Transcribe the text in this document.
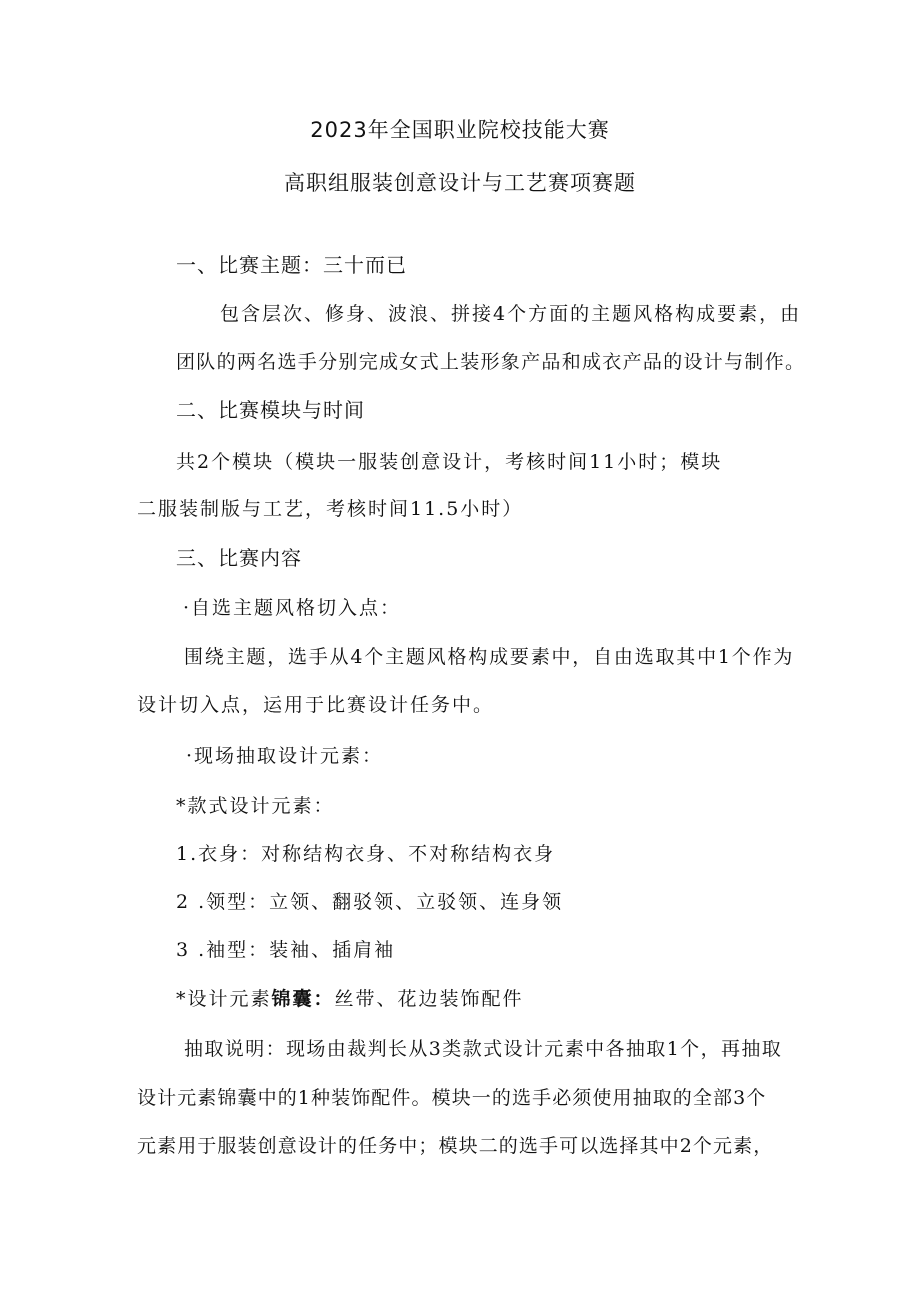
2023年全国职业院校技能大赛
高职组服装创意设计与工艺赛项赛题
一、比赛主题：三十而已
包含层次、修身、波浪、拼接4个方面的主题风格构成要素，由
团队的两名选手分别完成女式上装形象产品和成衣产品的设计与制作。
二、比赛模块与时间
共2个模块（模块一服装创意设计，考核时间11小时；模块
二服装制版与工艺，考核时间11.5小时）
三、比赛内容
·自选主题风格切入点：
围绕主题，选手从4个主题风格构成要素中，自由选取其中1个作为
设计切入点，运用于比赛设计任务中。
·现场抽取设计元素：
*款式设计元素：
1.衣身：对称结构衣身、不对称结构衣身
2 .领型：立领、翻驳领、立驳领、连身领
3 .袖型：装袖、插肩袖
*设计元素锦囊：丝带、花边装饰配件
抽取说明：现场由裁判长从3类款式设计元素中各抽取1个，再抽取
设计元素锦囊中的1种装饰配件。模块一的选手必须使用抽取的全部3个
元素用于服装创意设计的任务中；模块二的选手可以选择其中2个元素，
